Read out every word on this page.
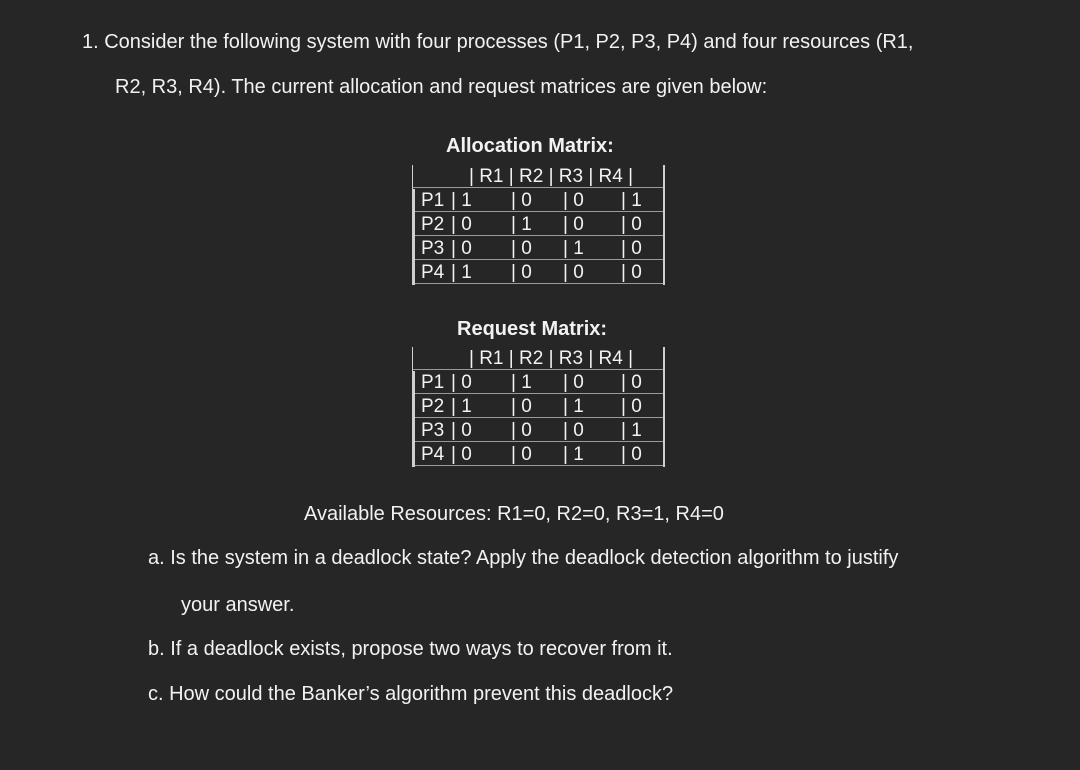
1. Consider the following system with four processes (P1, P2, P3, P4) and four resources (R1,
R2, R3, R4). The current allocation and request matrices are given below:
Allocation Matrix:
| R1 | R2 | R3 | R4 |
P1 | 1 | 0 | 0 | 1
P2 | 0 | 1 | 0 | 0
P3 | 0 | 0 | 1 | 0
P4 | 1 | 0 | 0 | 0
Request Matrix:
| R1 | R2 | R3 | R4 |
P1 | 0 | 1 | 0 | 0
P2 | 1 | 0 | 1 | 0
P3 | 0 | 0 | 0 | 1
P4 | 0 | 0 | 1 | 0
Available Resources: R1=0, R2=0, R3=1, R4=0
a. Is the system in a deadlock state? Apply the deadlock detection algorithm to justify
your answer.
b. If a deadlock exists, propose two ways to recover from it.
c. How could the Banker’s algorithm prevent this deadlock?
